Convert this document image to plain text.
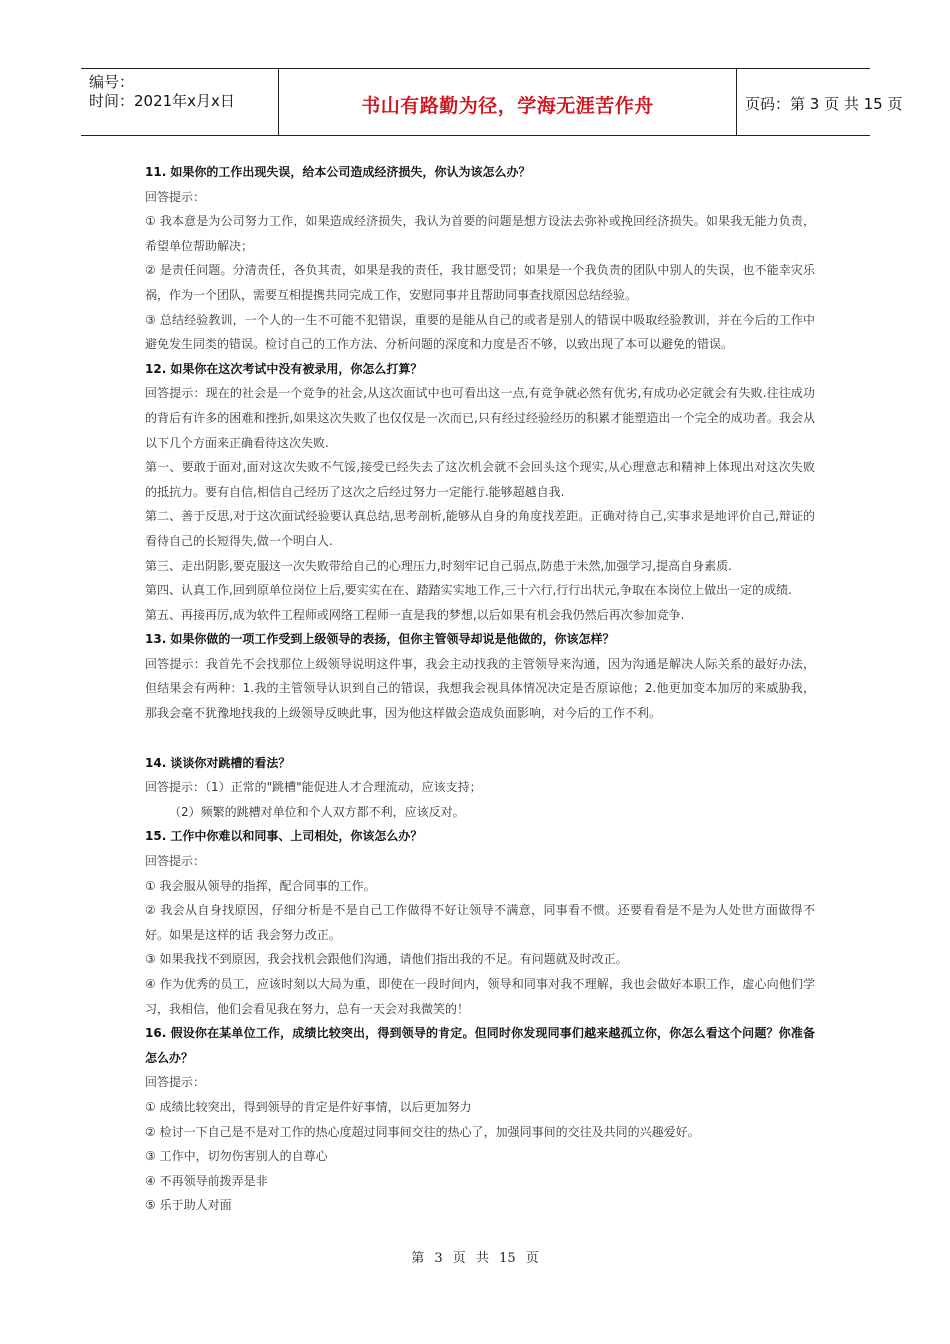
编号：
时间：2021年x月x日	书山有路勤为径，学海无涯苦作舟	页码：第 3 页 共 15 页
11. 如果你的工作出现失误，给本公司造成经济损失，你认为该怎么办？
回答提示：
① 我本意是为公司努力工作，如果造成经济损失，我认为首要的问题是想方设法去弥补或挽回经济损失。如果我无能力负责，希望单位帮助解决；
② 是责任问题。分清责任，各负其责，如果是我的责任，我甘愿受罚；如果是一个我负责的团队中别人的失误，也不能幸灾乐祸，作为一个团队，需要互相提携共同完成工作，安慰同事并且帮助同事查找原因总结经验。
③ 总结经验教训，一个人的一生不可能不犯错误，重要的是能从自己的或者是别人的错误中吸取经验教训，并在今后的工作中避免发生同类的错误。检讨自己的工作方法、分析问题的深度和力度是否不够，以致出现了本可以避免的错误。
12. 如果你在这次考试中没有被录用，你怎么打算？
回答提示：现在的社会是一个竞争的社会,从这次面试中也可看出这一点,有竞争就必然有优劣,有成功必定就会有失败.往往成功的背后有许多的困难和挫折,如果这次失败了也仅仅是一次而已,只有经过经验经历的积累才能塑造出一个完全的成功者。我会从以下几个方面来正确看待这次失败.
第一、要敢于面对,面对这次失败不气馁,接受已经失去了这次机会就不会回头这个现实,从心理意志和精神上体现出对这次失败的抵抗力。要有自信,相信自己经历了这次之后经过努力一定能行.能够超越自我.
第二、善于反思,对于这次面试经验要认真总结,思考剖析,能够从自身的角度找差距。正确对待自己,实事求是地评价自己,辩证的看待自己的长短得失,做一个明白人.
第三、走出阴影,要克服这一次失败带给自己的心理压力,时刻牢记自己弱点,防患于未然,加强学习,提高自身素质.
第四、认真工作,回到原单位岗位上后,要实实在在、踏踏实实地工作,三十六行,行行出状元,争取在本岗位上做出一定的成绩.
第五、再接再厉,成为软件工程师或网络工程师一直是我的梦想,以后如果有机会我仍然后再次参加竞争.
13. 如果你做的一项工作受到上级领导的表扬，但你主管领导却说是他做的，你该怎样？
回答提示：我首先不会找那位上级领导说明这件事，我会主动找我的主管领导来沟通，因为沟通是解决人际关系的最好办法，但结果会有两种：1.我的主管领导认识到自己的错误，我想我会视具体情况决定是否原谅他；2.他更加变本加厉的来威胁我，那我会毫不犹豫地找我的上级领导反映此事，因为他这样做会造成负面影响，对今后的工作不利。
14. 谈谈你对跳槽的看法？
回答提示：（1）正常的"跳槽"能促进人才合理流动，应该支持；
（2）频繁的跳槽对单位和个人双方都不利，应该反对。
15. 工作中你难以和同事、上司相处，你该怎么办？
回答提示：
① 我会服从领导的指挥，配合同事的工作。
② 我会从自身找原因，仔细分析是不是自己工作做得不好让领导不满意，同事看不惯。还要看看是不是为人处世方面做得不好。如果是这样的话 我会努力改正。
③ 如果我找不到原因，我会找机会跟他们沟通，请他们指出我的不足。有问题就及时改正。
④ 作为优秀的员工，应该时刻以大局为重，即使在一段时间内，领导和同事对我不理解，我也会做好本职工作，虚心向他们学习，我相信，他们会看见我在努力，总有一天会对我微笑的！
16. 假设你在某单位工作，成绩比较突出，得到领导的肯定。但同时你发现同事们越来越孤立你，你怎么看这个问题？你准备怎么办？
回答提示：
① 成绩比较突出，得到领导的肯定是件好事情，以后更加努力
② 检讨一下自己是不是对工作的热心度超过同事间交往的热心了，加强同事间的交往及共同的兴趣爱好。
③ 工作中，切勿伤害别人的自尊心
④ 不再领导前拨弄是非
⑤ 乐于助人对面
第 3 页 共 15 页
